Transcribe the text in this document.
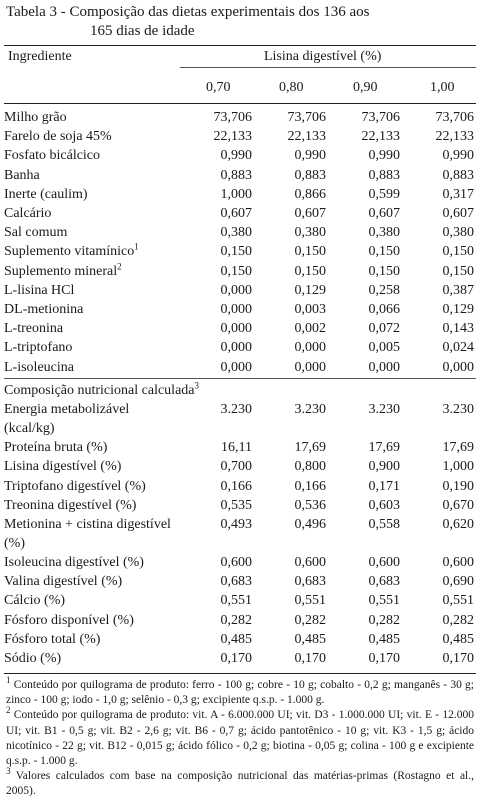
Tabela 3 - Composição das dietas experimentais dos 136 aos
165 dias de idade
Ingrediente	Lisina digestível (%)
0,70	0,80	0,90	1,00
Milho grão	73,706	73,706	73,706	73,706
Farelo de soja 45%	22,133	22,133	22,133	22,133
Fosfato bicálcico	0,990	0,990	0,990	0,990
Banha	0,883	0,883	0,883	0,883
Inerte (caulim)	1,000	0,866	0,599	0,317
Calcário	0,607	0,607	0,607	0,607
Sal comum	0,380	0,380	0,380	0,380
Suplemento vitamínico$^1$	0,150	0,150	0,150	0,150
Suplemento mineral$^2$	0,150	0,150	0,150	0,150
L-lisina HCl	0,000	0,129	0,258	0,387
DL-metionina	0,000	0,003	0,066	0,129
L-treonina	0,000	0,002	0,072	0,143
L-triptofano	0,000	0,000	0,005	0,024
L-isoleucina	0,000	0,000	0,000	0,000
Composição nutricional calculada$^3$
Energia metabolizável (kcal/kg)	3.230	3.230	3.230	3.230
Proteína bruta (%)	16,11	17,69	17,69	17,69
Lisina digestível (%)	0,700	0,800	0,900	1,000
Triptofano digestível (%)	0,166	0,166	0,171	0,190
Treonina digestível (%)	0,535	0,536	0,603	0,670
Metionina + cistina digestível (%)	0,493	0,496	0,558	0,620
Isoleucina digestível (%)	0,600	0,600	0,600	0,600
Valina digestível (%)	0,683	0,683	0,683	0,690
Cálcio (%)	0,551	0,551	0,551	0,551
Fósforo disponível (%)	0,282	0,282	0,282	0,282
Fósforo total (%)	0,485	0,485	0,485	0,485
Sódio (%)	0,170	0,170	0,170	0,170

$^1$ Conteúdo por quilograma de produto: ferro - 100 g; cobre - 10 g; cobalto - 0,2 g; manganês - 30 g; zinco - 100 g; iodo - 1,0 g; selênio - 0,3 g; excipiente q.s.p. - 1.000 g.

$^2$ Conteúdo por quilograma de produto: vit. A - 6.000.000 UI; vit. D3 - 1.000.000 UI; vit. E - 12.000 UI; vit. B1 - 0,5 g; vit. B2 - 2,6 g; vit. B6 - 0,7 g; ácido pantotênico - 10 g; vit. K3 - 1,5 g; ácido nicotínico - 22 g; vit. B12 - 0,015 g; ácido fólico - 0,2 g; biotina - 0,05 g; colina - 100 g e excipiente q.s.p. - 1.000 g.

$^3$ Valores calculados com base na composição nutricional das matérias-primas (Rostagno et al., 2005).
